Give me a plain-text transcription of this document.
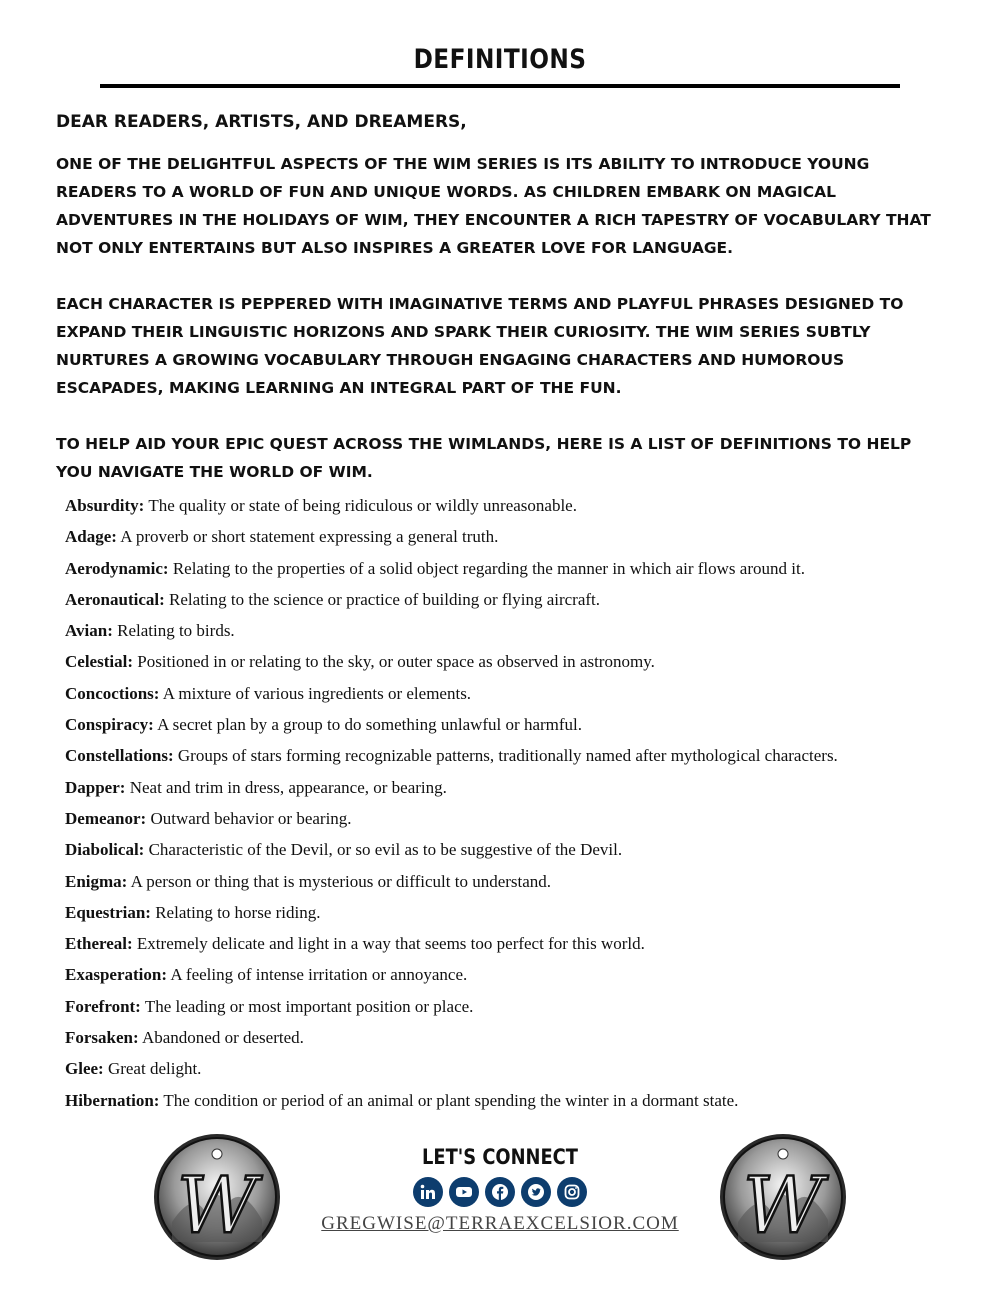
DEFINITIONS

DEAR READERS, ARTISTS, AND DREAMERS,

ONE OF THE DELIGHTFUL ASPECTS OF THE WIM SERIES IS ITS ABILITY TO INTRODUCE YOUNG READERS TO A WORLD OF FUN AND UNIQUE WORDS. AS CHILDREN EMBARK ON MAGICAL ADVENTURES IN THE HOLIDAYS OF WIM, THEY ENCOUNTER A RICH TAPESTRY OF VOCABULARY THAT NOT ONLY ENTERTAINS BUT ALSO INSPIRES A GREATER LOVE FOR LANGUAGE.

EACH CHARACTER IS PEPPERED WITH IMAGINATIVE TERMS AND PLAYFUL PHRASES DESIGNED TO EXPAND THEIR LINGUISTIC HORIZONS AND SPARK THEIR CURIOSITY. THE WIM SERIES SUBTLY NURTURES A GROWING VOCABULARY THROUGH ENGAGING CHARACTERS AND HUMOROUS ESCAPADES, MAKING LEARNING AN INTEGRAL PART OF THE FUN.

TO HELP AID YOUR EPIC QUEST ACROSS THE WIMLANDS, HERE IS A LIST OF DEFINITIONS TO HELP YOU NAVIGATE THE WORLD OF WIM.

Absurdity: The quality or state of being ridiculous or wildly unreasonable.
Adage: A proverb or short statement expressing a general truth.
Aerodynamic: Relating to the properties of a solid object regarding the manner in which air flows around it.
Aeronautical: Relating to the science or practice of building or flying aircraft.
Avian: Relating to birds.
Celestial: Positioned in or relating to the sky, or outer space as observed in astronomy.
Concoctions: A mixture of various ingredients or elements.
Conspiracy: A secret plan by a group to do something unlawful or harmful.
Constellations: Groups of stars forming recognizable patterns, traditionally named after mythological characters.
Dapper: Neat and trim in dress, appearance, or bearing.
Demeanor: Outward behavior or bearing.
Diabolical: Characteristic of the Devil, or so evil as to be suggestive of the Devil.
Enigma: A person or thing that is mysterious or difficult to understand.
Equestrian: Relating to horse riding.
Ethereal: Extremely delicate and light in a way that seems too perfect for this world.
Exasperation: A feeling of intense irritation or annoyance.
Forefront: The leading or most important position or place.
Forsaken: Abandoned or deserted.
Glee: Great delight.
Hibernation: The condition or period of an animal or plant spending the winter in a dormant state.
W

LET'S CONNECT

GREGWISE@TERRAEXCELSIOR.COM W
